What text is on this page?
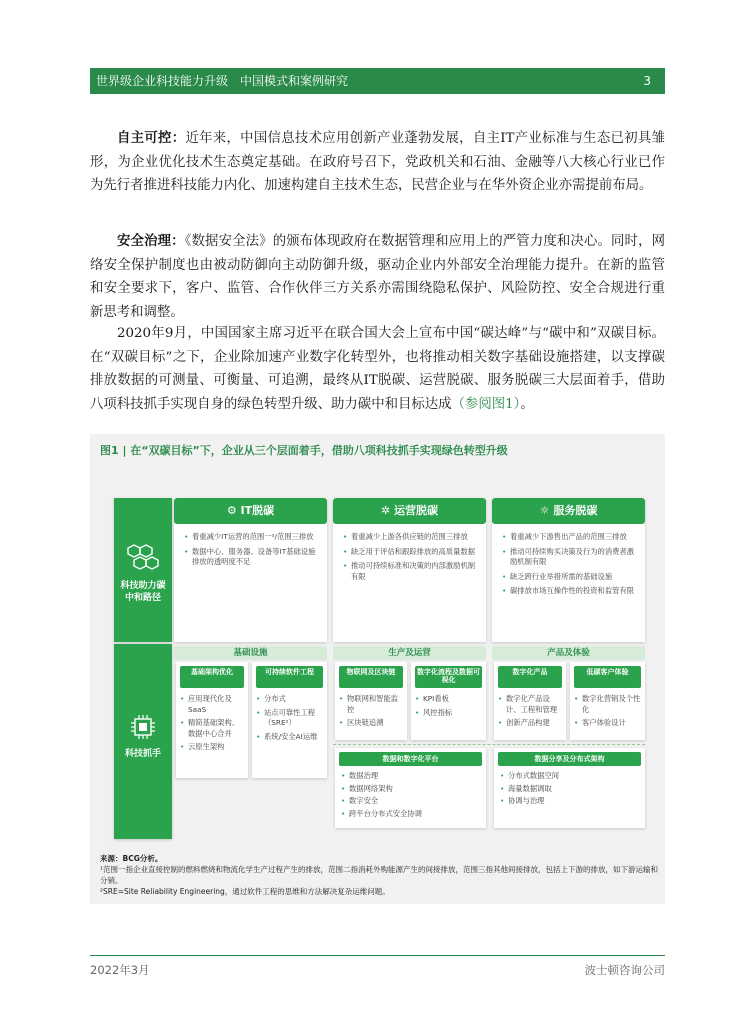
世界级企业科技能力升级　中国模式和案例研究	3

自主可控：近年来，中国信息技术应用创新产业蓬勃发展，自主IT产业标准与生态已初具雏形，为企业优化技术生态奠定基础。在政府号召下，党政机关和石油、金融等八大核心行业已作为先行者推进科技能力内化、加速构建自主技术生态，民营企业与在华外资企业亦需提前布局。

安全治理：《数据安全法》的颁布体现政府在数据管理和应用上的严管力度和决心。同时，网络安全保护制度也由被动防御向主动防御升级，驱动企业内外部安全治理能力提升。在新的监管和安全要求下，客户、监管、合作伙伴三方关系亦需围绕隐私保护、风险防控、安全合规进行重新思考和调整。

2020年9月，中国国家主席习近平在联合国大会上宣布中国“碳达峰”与“碳中和”双碳目标。在“双碳目标”之下，企业除加速产业数字化转型外，也将推动相关数字基础设施搭建，以支撑碳排放数据的可测量、可衡量、可追溯，最终从IT脱碳、运营脱碳、服务脱碳三大层面着手，借助八项科技抓手实现自身的绿色转型升级、助力碳中和目标达成（参阅图1）。

图1 | 在“双碳目标”下，企业从三个层面着手，借助八项科技抓手实现绿色转型升级
科技助力碳中和路径
科技抓手
⚙ IT脱碳
• 着重减少IT运营的范围一²/范围三排放
• 数据中心、服务器、设备等IT基础设施排放的透明度不足
✲ 运营脱碳
• 着重减少上游各供应链的范围三排放
• 缺乏用于评估和跟踪排放的高质量数据
• 推动可持续标准和决策的内部激励机制有限
☼ 服务脱碳
• 着重减少下游售出产品的范围三排放
• 推动可持续购买决策及行为的消费者激励机制有限
• 缺乏跨行业举措所需的基础设施
• 碳排放市场互操作性的投资和监管有限
基础设施
基础架构优化
• 应用现代化及SaaS
• 精简基础架构、数据中心合并
• 云原生架构
可持续软件工程
• 分布式
• 站点可靠性工程（SRE²）
• 系统/安全AI运维
生产及运营
物联网及区块链
• 物联网和智能监控
• 区块链追溯
数字化流程及数据可视化
• KPI看板
• 风控指标
产品及体验
数字化产品
• 数字化产品设计、工程和管理
• 创新产品构建
低碳客户体验
• 数字化营销及个性化
• 客户体验设计
数据和数字化平台
• 数据治理
• 数据网络架构
• 数字安全
• 跨平台分布式安全协调
数据分享及分布式架构
• 分布式数据空间
• 海量数据调取
• 协调与治理
来源：BCG分析。
¹范围一指企业直接控制的燃料燃烧和物流化学生产过程产生的排放，范围二指消耗外购能源产生的间接排放，范围三指其他间接排放，包括上下游的排放，如下游运输和分销。
²SRE=Site Reliability Engineering，通过软件工程的思维和方法解决复杂运维问题。
2022年3月	波士顿咨询公司
